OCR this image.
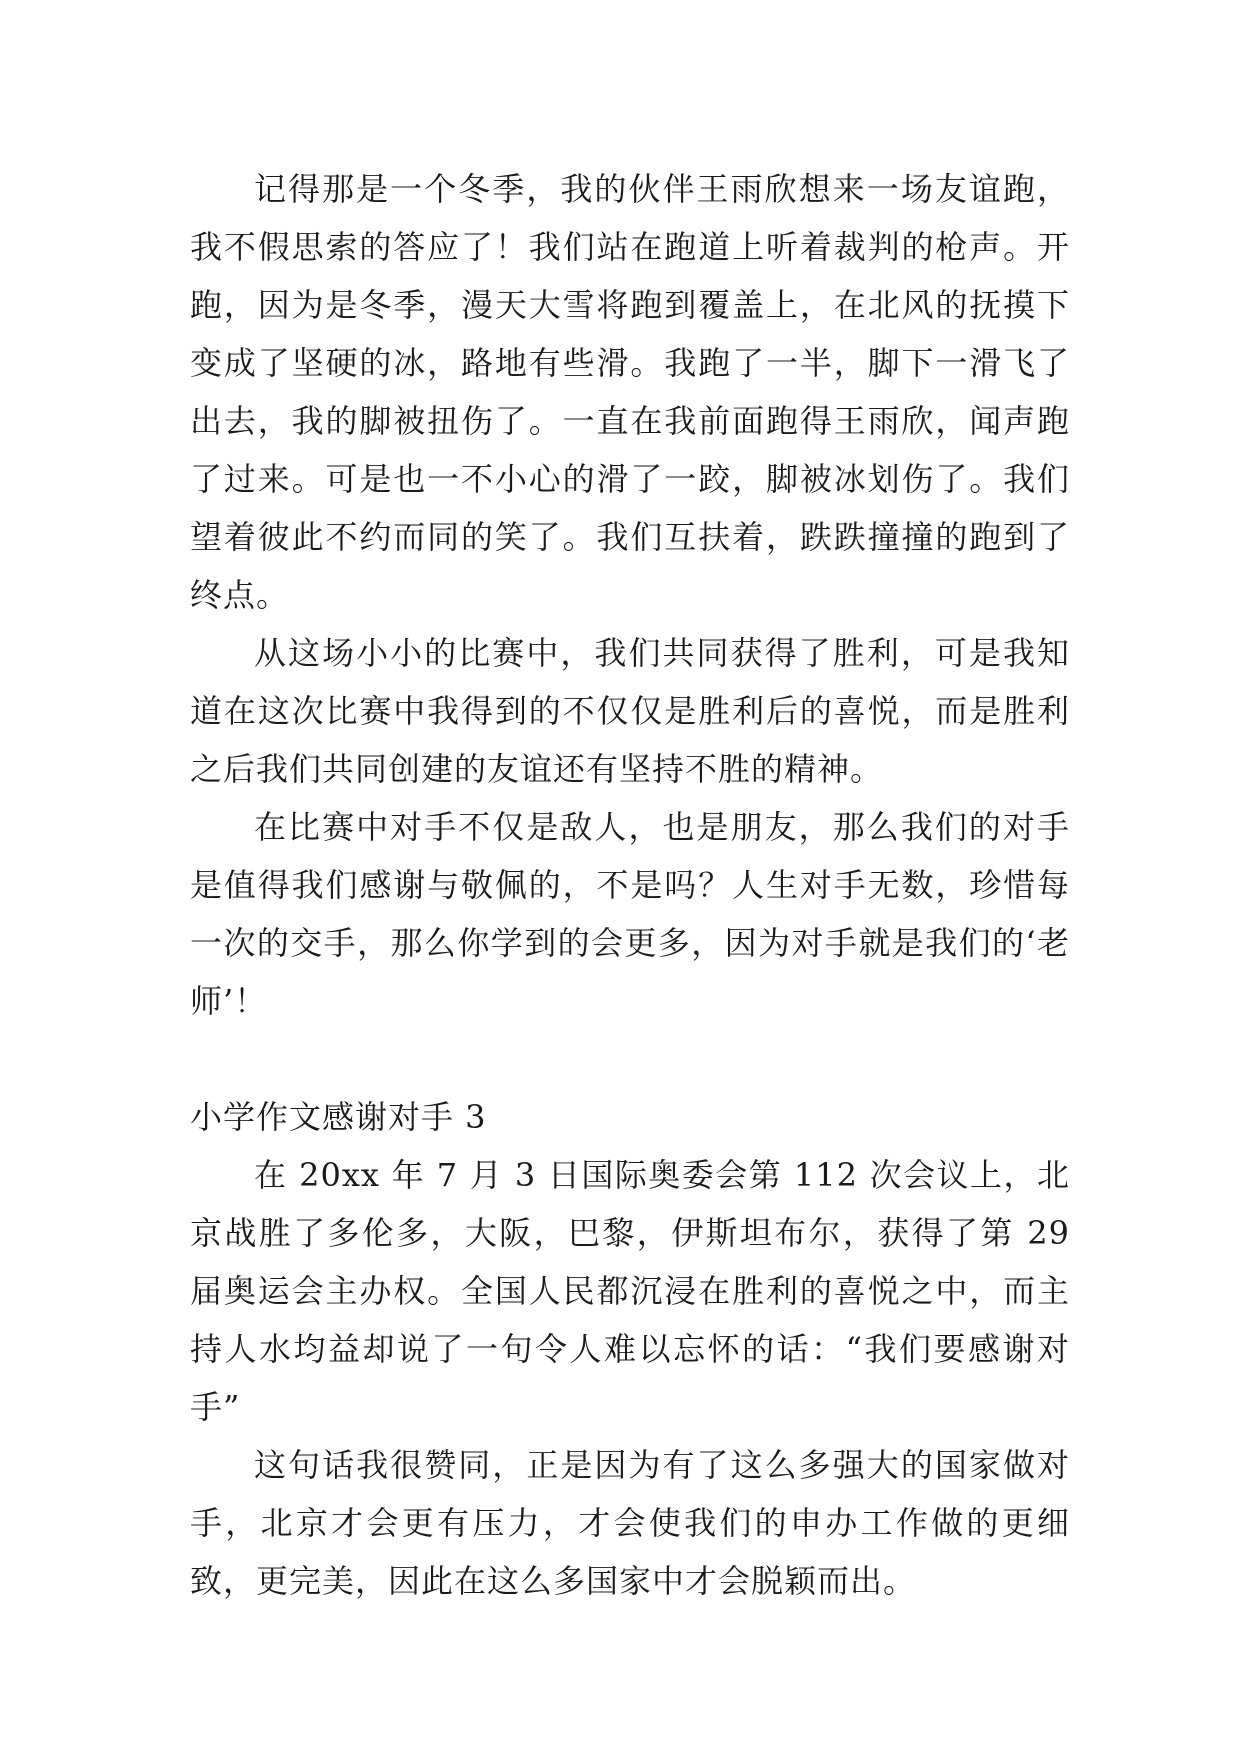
记得那是一个冬季，我的伙伴王雨欣想来一场友谊跑，我不假思索的答应了！我们站在跑道上听着裁判的枪声。开跑，因为是冬季，漫天大雪将跑到覆盖上，在北风的抚摸下变成了坚硬的冰，路地有些滑。我跑了一半，脚下一滑飞了出去，我的脚被扭伤了。一直在我前面跑得王雨欣，闻声跑了过来。可是也一不小心的滑了一跤，脚被冰划伤了。我们望着彼此不约而同的笑了。我们互扶着，跌跌撞撞的跑到了终点。

从这场小小的比赛中，我们共同获得了胜利，可是我知道在这次比赛中我得到的不仅仅是胜利后的喜悦，而是胜利之后我们共同创建的友谊还有坚持不胜的精神。

在比赛中对手不仅是敌人，也是朋友，那么我们的对手是值得我们感谢与敬佩的，不是吗？人生对手无数，珍惜每一次的交手，那么你学到的会更多，因为对手就是我们的‘老师’！

小学作文感谢对手 3

在 20xx 年 7 月 3 日国际奥委会第 112 次会议上，北京战胜了多伦多，大阪，巴黎，伊斯坦布尔，获得了第 29 届奥运会主办权。全国人民都沉浸在胜利的喜悦之中，而主持人水均益却说了一句令人难以忘怀的话：“我们要感谢对手”

这句话我很赞同，正是因为有了这么多强大的国家做对手，北京才会更有压力，才会使我们的申办工作做的更细致，更完美，因此在这么多国家中才会脱颖而出。
